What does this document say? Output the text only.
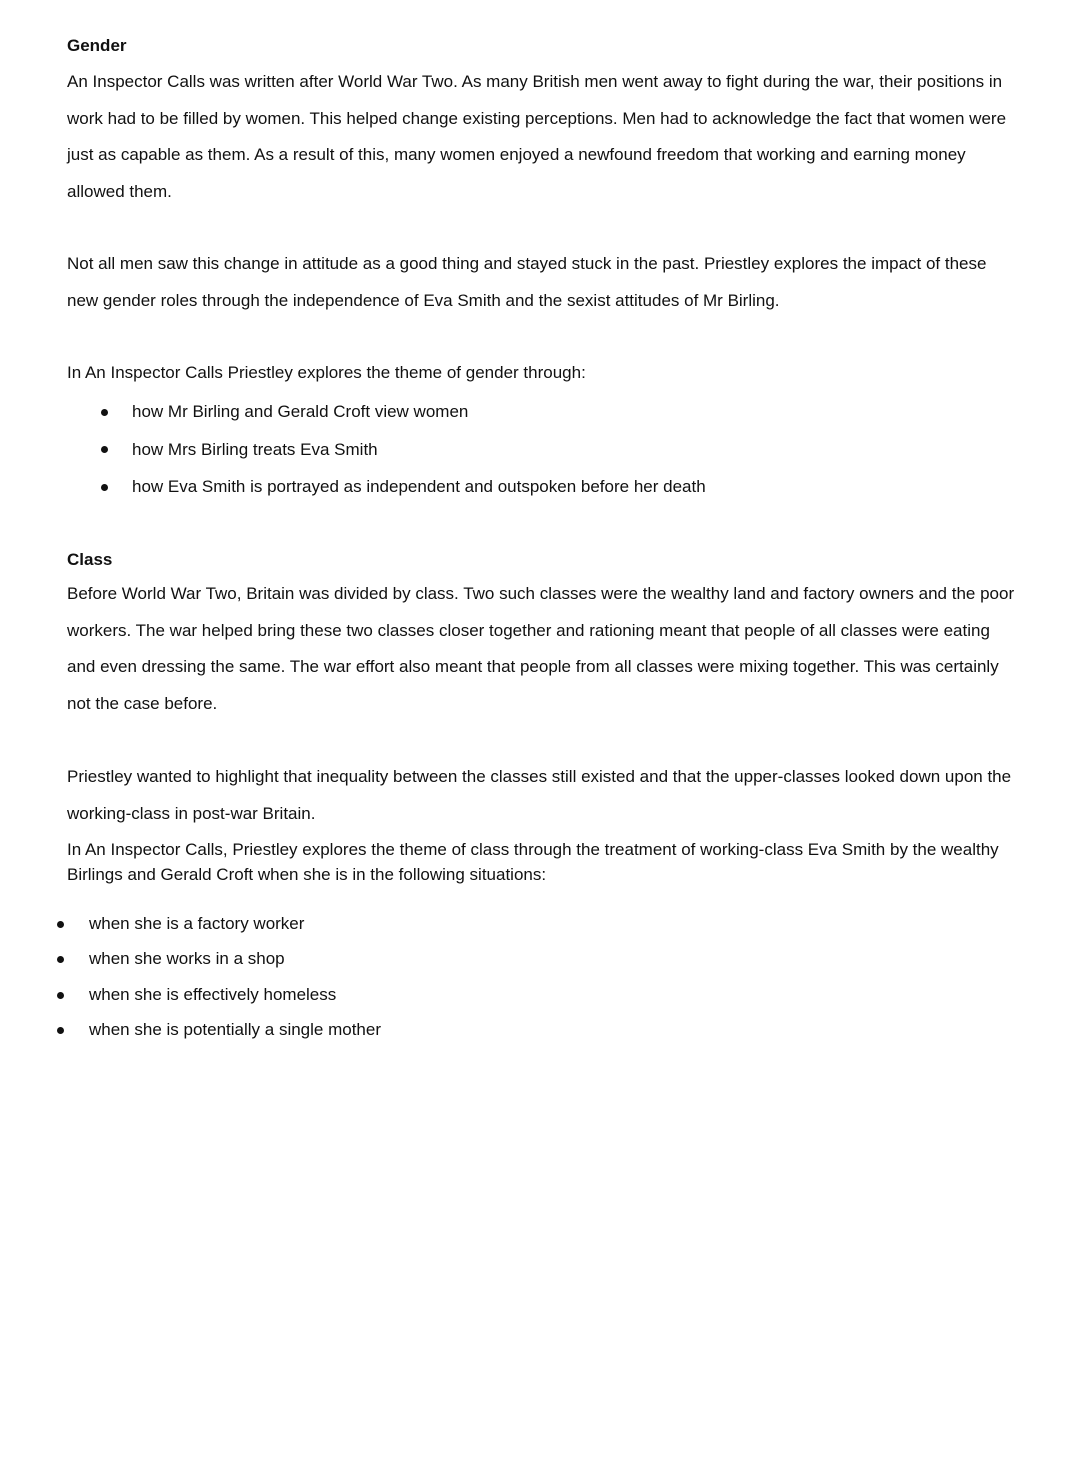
Gender

An Inspector Calls was written after World War Two. As many British men went away to fight during the war, their positions in work had to be filled by women. This helped change existing perceptions. Men had to acknowledge the fact that women were just as capable as them. As a result of this, many women enjoyed a newfound freedom that working and earning money allowed them.

Not all men saw this change in attitude as a good thing and stayed stuck in the past. Priestley explores the impact of these new gender roles through the independence of Eva Smith and the sexist attitudes of Mr Birling.

In An Inspector Calls Priestley explores the theme of gender through:

how Mr Birling and Gerald Croft view women
how Mrs Birling treats Eva Smith
how Eva Smith is portrayed as independent and outspoken before her death
Class

Before World War Two, Britain was divided by class. Two such classes were the wealthy land and factory owners and the poor workers. The war helped bring these two classes closer together and rationing meant that people of all classes were eating and even dressing the same. The war effort also meant that people from all classes were mixing together. This was certainly not the case before.

Priestley wanted to highlight that inequality between the classes still existed and that the upper-classes looked down upon the working-class in post-war Britain.

In An Inspector Calls, Priestley explores the theme of class through the treatment of working-class Eva Smith by the wealthy Birlings and Gerald Croft when she is in the following situations:

when she is a factory worker
when she works in a shop
when she is effectively homeless
when she is potentially a single mother
